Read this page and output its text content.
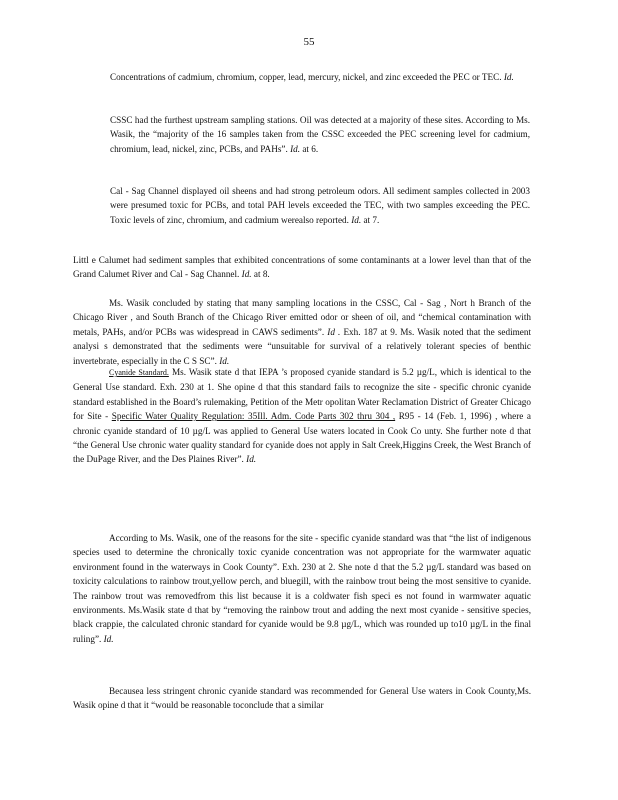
55

Concentrations of cadmium, chromium, copper, lead, mercury, nickel, and zinc exceeded the PEC or TEC. Id.

CSSC had the furthest upstream sampling stations. Oil was detected at a majority of these sites. According to Ms. Wasik, the “majority of the 16 samples taken from the CSSC exceeded the PEC screening level for cadmium, chromium, lead, nickel, zinc, PCBs, and PAHs”. Id. at 6.

Cal - Sag Channel displayed oil sheens and had strong petroleum odors. All sediment samples collected in 2003 were presumed toxic for PCBs, and total PAH levels exceeded the TEC, with two samples exceeding the PEC. Toxic levels of zinc, chromium, and cadmium werealso reported. Id. at 7.

Littl e Calumet had sediment samples that exhibited concentrations of some contaminants at a lower level than that of the Grand Calumet River and Cal - Sag Channel. Id. at 8.

Ms. Wasik concluded by stating that many sampling locations in the CSSC, Cal - Sag , Nort h Branch of the Chicago River , and South Branch of the Chicago River emitted odor or sheen of oil, and “chemical contamination with metals, PAHs, and/or PCBs was widespread in CAWS sediments”. Id . Exh. 187 at 9. Ms. Wasik noted that the sediment analysi s demonstrated that the sediments were “unsuitable for survival of a relatively tolerant species of benthic invertebrate, especially in the C S SC”. Id.

Cyanide Standard. Ms. Wasik state d that IEPA ’s proposed cyanide standard is 5.2 µg/L, which is identical to the General Use standard. Exh. 230 at 1. She opine d that this standard fails to recognize the site - specific chronic cyanide standard established in the Board’s rulemaking, Petition of the Metr opolitan Water Reclamation District of Greater Chicago for Site - Specific Water Quality Regulation: 35Ill. Adm. Code Parts 302 thru 304 , R95 - 14 (Feb. 1, 1996) , where a chronic cyanide standard of 10 µg/L was applied to General Use waters located in Cook Co unty. She further note d that “the General Use chronic water quality standard for cyanide does not apply in Salt Creek,Higgins Creek, the West Branch of the DuPage River, and the Des Plaines River”. Id.

According to Ms. Wasik, one of the reasons for the site - specific cyanide standard was that “the list of indigenous species used to determine the chronically toxic cyanide concentration was not appropriate for the warmwater aquatic environment found in the waterways in Cook County”. Exh. 230 at 2. She note d that the 5.2 µg/L standard was based on toxicity calculations to rainbow trout,yellow perch, and bluegill, with the rainbow trout being the most sensitive to cyanide. The rainbow trout was removedfrom this list because it is a coldwater fish speci es not found in warmwater aquatic environments. Ms.Wasik state d that by “removing the rainbow trout and adding the next most cyanide - sensitive species, black crappie, the calculated chronic standard for cyanide would be 9.8 µg/L, which was rounded up to10 µg/L in the final ruling”. Id.

Becausea less stringent chronic cyanide standard was recommended for General Use waters in Cook County,Ms. Wasik opine d that it “would be reasonable toconclude that a similar
